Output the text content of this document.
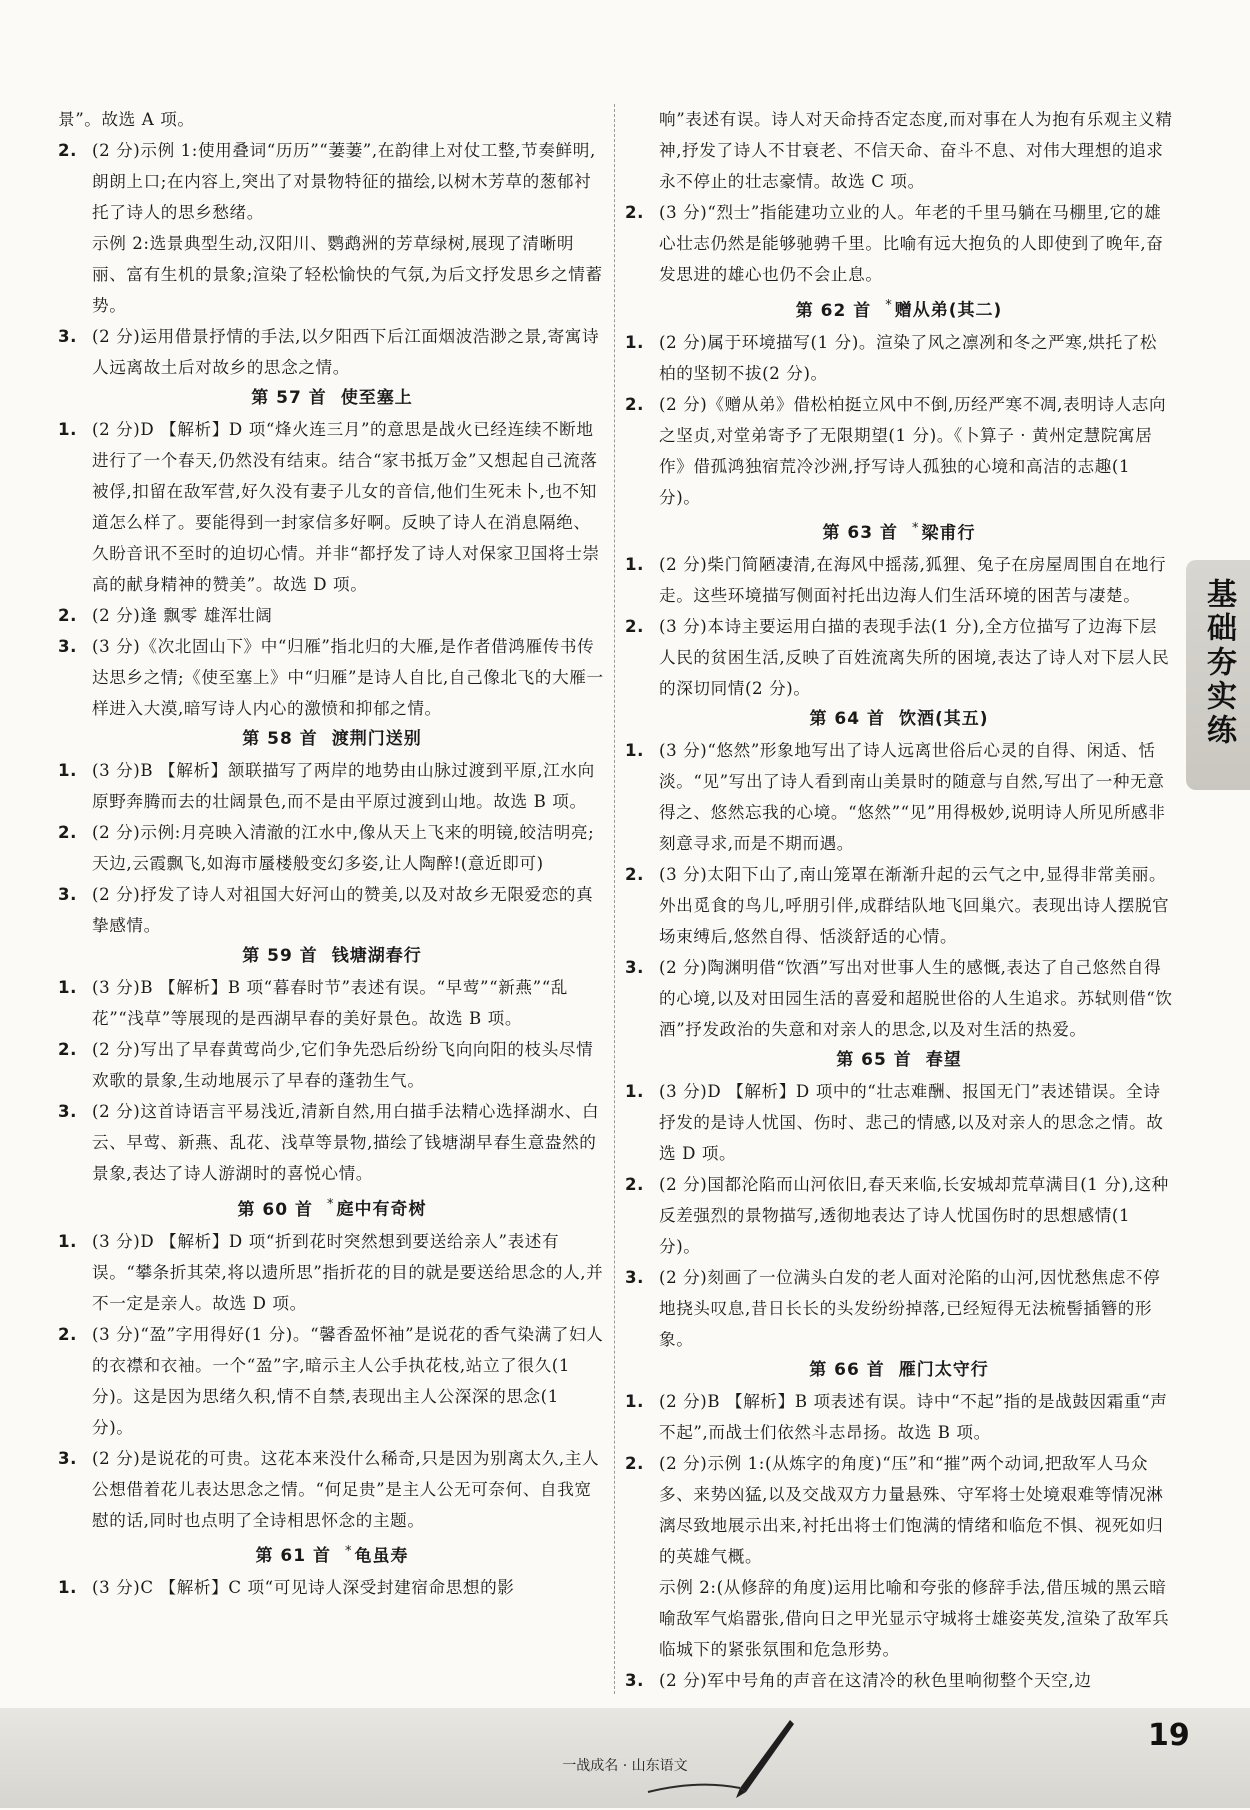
景”。故选 A 项。

2. (2 分)示例 1:使用叠词“历历”“萋萋”,在韵律上对仗工整,节奏鲜明,朗朗上口;在内容上,突出了对景物特征的描绘,以树木芳草的葱郁衬托了诗人的思乡愁绪。

示例 2:选景典型生动,汉阳川、鹦鹉洲的芳草绿树,展现了清晰明丽、富有生机的景象;渲染了轻松愉快的气氛,为后文抒发思乡之情蓄势。

3. (2 分)运用借景抒情的手法,以夕阳西下后江面烟波浩渺之景,寄寓诗人远离故土后对故乡的思念之情。

第 57 首 使至塞上

1. (2 分)D 【解析】D 项“烽火连三月”的意思是战火已经连续不断地进行了一个春天,仍然没有结束。结合“家书抵万金”又想起自己流落被俘,扣留在敌军营,好久没有妻子儿女的音信,他们生死未卜,也不知道怎么样了。要能得到一封家信多好啊。反映了诗人在消息隔绝、久盼音讯不至时的迫切心情。并非“都抒发了诗人对保家卫国将士崇高的献身精神的赞美”。故选 D 项。
2. (2 分)逢 飘零 雄浑壮阔
3. (3 分)《次北固山下》中“归雁”指北归的大雁,是作者借鸿雁传书传达思乡之情;《使至塞上》中“归雁”是诗人自比,自己像北飞的大雁一样进入大漠,暗写诗人内心的激愤和抑郁之情。

第 58 首 渡荆门送别

1. (3 分)B 【解析】颔联描写了两岸的地势由山脉过渡到平原,江水向原野奔腾而去的壮阔景色,而不是由平原过渡到山地。故选 B 项。
2. (2 分)示例:月亮映入清澈的江水中,像从天上飞来的明镜,皎洁明亮;天边,云霞飘飞,如海市蜃楼般变幻多姿,让人陶醉!(意近即可)
3. (2 分)抒发了诗人对祖国大好河山的赞美,以及对故乡无限爱恋的真挚感情。

第 59 首 钱塘湖春行

1. (3 分)B 【解析】B 项“暮春时节”表述有误。“早莺”“新燕”“乱花”“浅草”等展现的是西湖早春的美好景色。故选 B 项。
2. (2 分)写出了早春黄莺尚少,它们争先恐后纷纷飞向向阳的枝头尽情欢歌的景象,生动地展示了早春的蓬勃生气。
3. (2 分)这首诗语言平易浅近,清新自然,用白描手法精心选择湖水、白云、早莺、新燕、乱花、浅草等景物,描绘了钱塘湖早春生意盎然的景象,表达了诗人游湖时的喜悦心情。

第 60 首 * 庭中有奇树

1. (3 分)D 【解析】D 项“折到花时突然想到要送给亲人”表述有误。“攀条折其荣,将以遗所思”指折花的目的就是要送给思念的人,并不一定是亲人。故选 D 项。
2. (3 分)“盈”字用得好(1 分)。“馨香盈怀袖”是说花的香气染满了妇人的衣襟和衣袖。一个“盈”字,暗示主人公手执花枝,站立了很久(1 分)。这是因为思绪久积,情不自禁,表现出主人公深深的思念(1 分)。
3. (2 分)是说花的可贵。这花本来没什么稀奇,只是因为别离太久,主人公想借着花儿表达思念之情。“何足贵”是主人公无可奈何、自我宽慰的话,同时也点明了全诗相思怀念的主题。

第 61 首 * 龟虽寿

1. (3 分)C 【解析】C 项“可见诗人深受封建宿命思想的影

响”表述有误。诗人对天命持否定态度,而对事在人为抱有乐观主义精神,抒发了诗人不甘衰老、不信天命、奋斗不息、对伟大理想的追求永不停止的壮志豪情。故选 C 项。

2. (3 分)“烈士”指能建功立业的人。年老的千里马躺在马棚里,它的雄心壮志仍然是能够驰骋千里。比喻有远大抱负的人即使到了晚年,奋发思进的雄心也仍不会止息。

第 62 首 * 赠从弟(其二)

1. (2 分)属于环境描写(1 分)。渲染了风之凛冽和冬之严寒,烘托了松柏的坚韧不拔(2 分)。
2. (2 分)《赠从弟》借松柏挺立风中不倒,历经严寒不凋,表明诗人志向之坚贞,对堂弟寄予了无限期望(1 分)。《卜算子 · 黄州定慧院寓居作》借孤鸿独宿荒冷沙洲,抒写诗人孤独的心境和高洁的志趣(1 分)。

第 63 首 * 梁甫行

1. (2 分)柴门简陋凄清,在海风中摇荡,狐狸、兔子在房屋周围自在地行走。这些环境描写侧面衬托出边海人们生活环境的困苦与凄楚。
2. (3 分)本诗主要运用白描的表现手法(1 分),全方位描写了边海下层人民的贫困生活,反映了百姓流离失所的困境,表达了诗人对下层人民的深切同情(2 分)。

第 64 首 饮酒(其五)

1. (3 分)“悠然”形象地写出了诗人远离世俗后心灵的自得、闲适、恬淡。“见”写出了诗人看到南山美景时的随意与自然,写出了一种无意得之、悠然忘我的心境。“悠然”“见”用得极妙,说明诗人所见所感非刻意寻求,而是不期而遇。
2. (3 分)太阳下山了,南山笼罩在渐渐升起的云气之中,显得非常美丽。外出觅食的鸟儿,呼朋引伴,成群结队地飞回巢穴。表现出诗人摆脱官场束缚后,悠然自得、恬淡舒适的心情。
3. (2 分)陶渊明借“饮酒”写出对世事人生的感慨,表达了自己悠然自得的心境,以及对田园生活的喜爱和超脱世俗的人生追求。苏轼则借“饮酒”抒发政治的失意和对亲人的思念,以及对生活的热爱。

第 65 首 春望

1. (3 分)D 【解析】D 项中的“壮志难酬、报国无门”表述错误。全诗抒发的是诗人忧国、伤时、悲己的情感,以及对亲人的思念之情。故选 D 项。
2. (2 分)国都沦陷而山河依旧,春天来临,长安城却荒草满目(1 分),这种反差强烈的景物描写,透彻地表达了诗人忧国伤时的思想感情(1 分)。
3. (2 分)刻画了一位满头白发的老人面对沦陷的山河,因忧愁焦虑不停地挠头叹息,昔日长长的头发纷纷掉落,已经短得无法梳髻插簪的形象。

第 66 首 雁门太守行

1. (2 分)B 【解析】B 项表述有误。诗中“不起”指的是战鼓因霜重“声不起”,而战士们依然斗志昂扬。故选 B 项。
2. (2 分)示例 1:(从炼字的角度)“压”和“摧”两个动词,把敌军人马众多、来势凶猛,以及交战双方力量悬殊、守军将士处境艰难等情况淋漓尽致地展示出来,衬托出将士们饱满的情绪和临危不惧、视死如归的英雄气概。

示例 2:(从修辞的角度)运用比喻和夸张的修辞手法,借压城的黑云暗喻敌军气焰嚣张,借向日之甲光显示守城将士雄姿英发,渲染了敌军兵临城下的紧张氛围和危急形势。

3. (2 分)军中号角的声音在这清冷的秋色里响彻整个天空,边
基础夯实练
一战成名 · 山东语文
19
